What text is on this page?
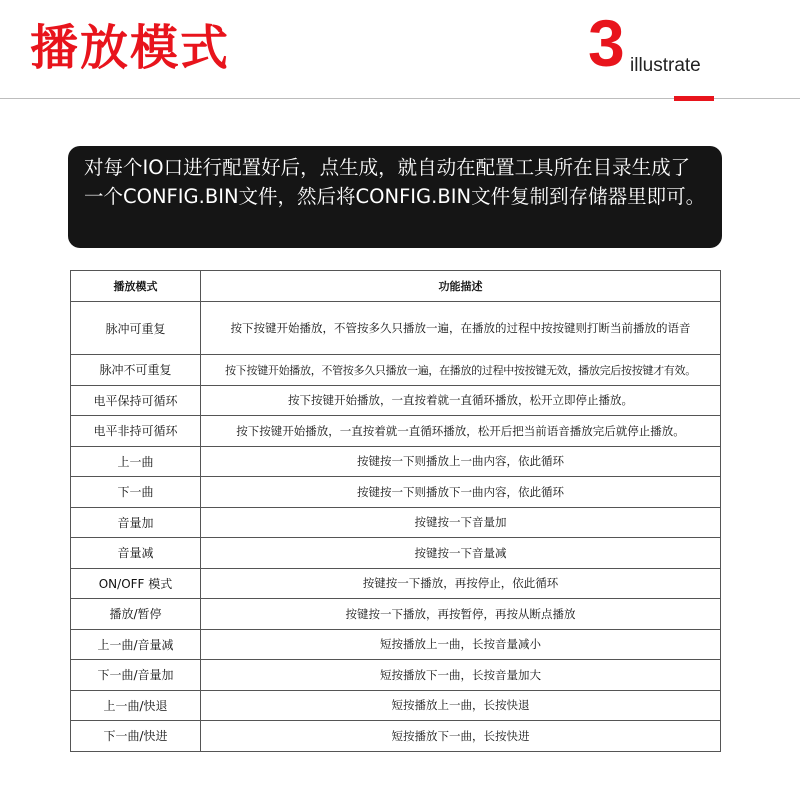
播放模式	3 illustrate
对每个IO口进行配置好后，点生成，就自动在配置工具所在目录生成了一个CONFIG.BIN文件，然后将CONFIG.BIN文件复制到存储器里即可。
播放模式	功能描述
脉冲可重复	按下按键开始播放，不管按多久只播放一遍，在播放的过程中按按键则打断当前播放的语音
脉冲不可重复	按下按键开始播放，不管按多久只播放一遍，在播放的过程中按按键无效，播放完后按按键才有效。
电平保持可循环	按下按键开始播放，一直按着就一直循环播放，松开立即停止播放。
电平非持可循环	按下按键开始播放，一直按着就一直循环播放，松开后把当前语音播放完后就停止播放。
上一曲	按键按一下则播放上一曲内容，依此循环
下一曲	按键按一下则播放下一曲内容，依此循环
音量加	按键按一下音量加
音量减	按键按一下音量减
ON/OFF 模式	按键按一下播放，再按停止，依此循环
播放/暂停	按键按一下播放，再按暂停，再按从断点播放
上一曲/音量减	短按播放上一曲，长按音量减小
下一曲/音量加	短按播放下一曲，长按音量加大
上一曲/快退	短按播放上一曲，长按快退
下一曲/快进	短按播放下一曲，长按快进
